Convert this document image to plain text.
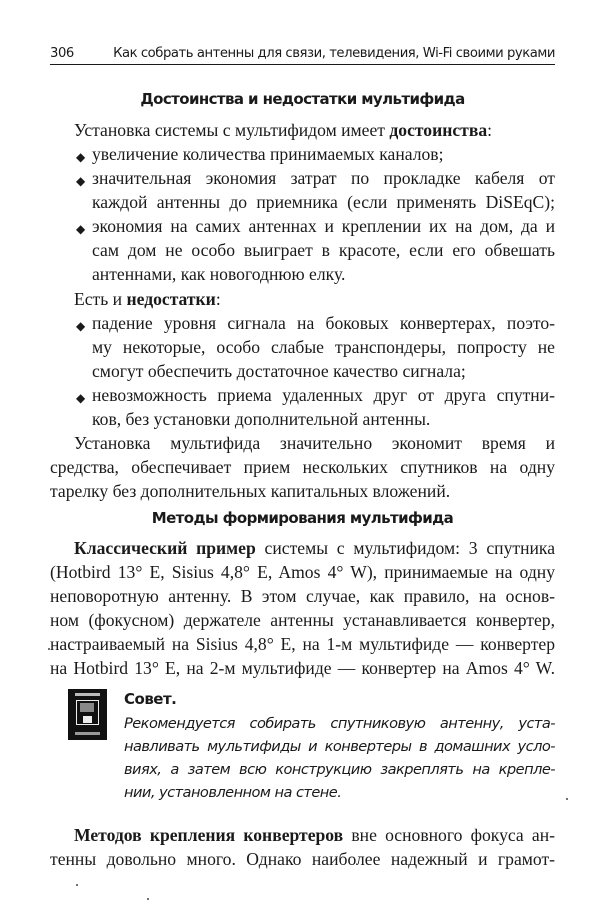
306	Как собрать антенны для связи, телевидения, Wi-Fi своими руками
Достоинства и недостатки мультифида
Установка системы с мультифидом имеет достоинства:
◆ увеличение количества принимаемых каналов;
◆ значительная экономия затрат по прокладке кабеля от
каждой антенны до приемника (если применять DiSEqC);
◆ экономия на самих антеннах и креплении их на дом, да и
сам дом не особо выиграет в красоте, если его обвешать
антеннами, как новогоднюю елку.
Есть и недостатки:
◆ падение уровня сигнала на боковых конвертерах, поэто-
му некоторые, особо слабые транспондеры, попросту не
смогут обеспечить достаточное качество сигнала;
◆ невозможность приема удаленных друг от друга спутни-
ков, без установки дополнительной антенны.
Установка мультифида значительно экономит время и
средства, обеспечивает прием нескольких спутников на одну
тарелку без дополнительных капитальных вложений.
Методы формирования мультифида
Классический пример системы с мультифидом: 3 спутника
(Hotbird 13° E, Sisius 4,8° E, Amos 4° W), принимаемые на одну
неповоротную антенну. В этом случае, как правило, на основ-
ном (фокусном) держателе антенны устанавливается конвертер,
настраиваемый на Sisius 4,8° E, на 1-м мультифиде — конвертер
на Hotbird 13° E, на 2-м мультифиде — конвертер на Amos 4° W.
Совет.
Рекомендуется собирать спутниковую антенну, уста-
навливать мультифиды и конвертеры в домашних усло-
виях, а затем всю конструкцию закреплять на крепле-
нии, установленном на стене.
Методов крепления конвертеров вне основного фокуса ан-
тенны довольно много. Однако наиболее надежный и грамот-
